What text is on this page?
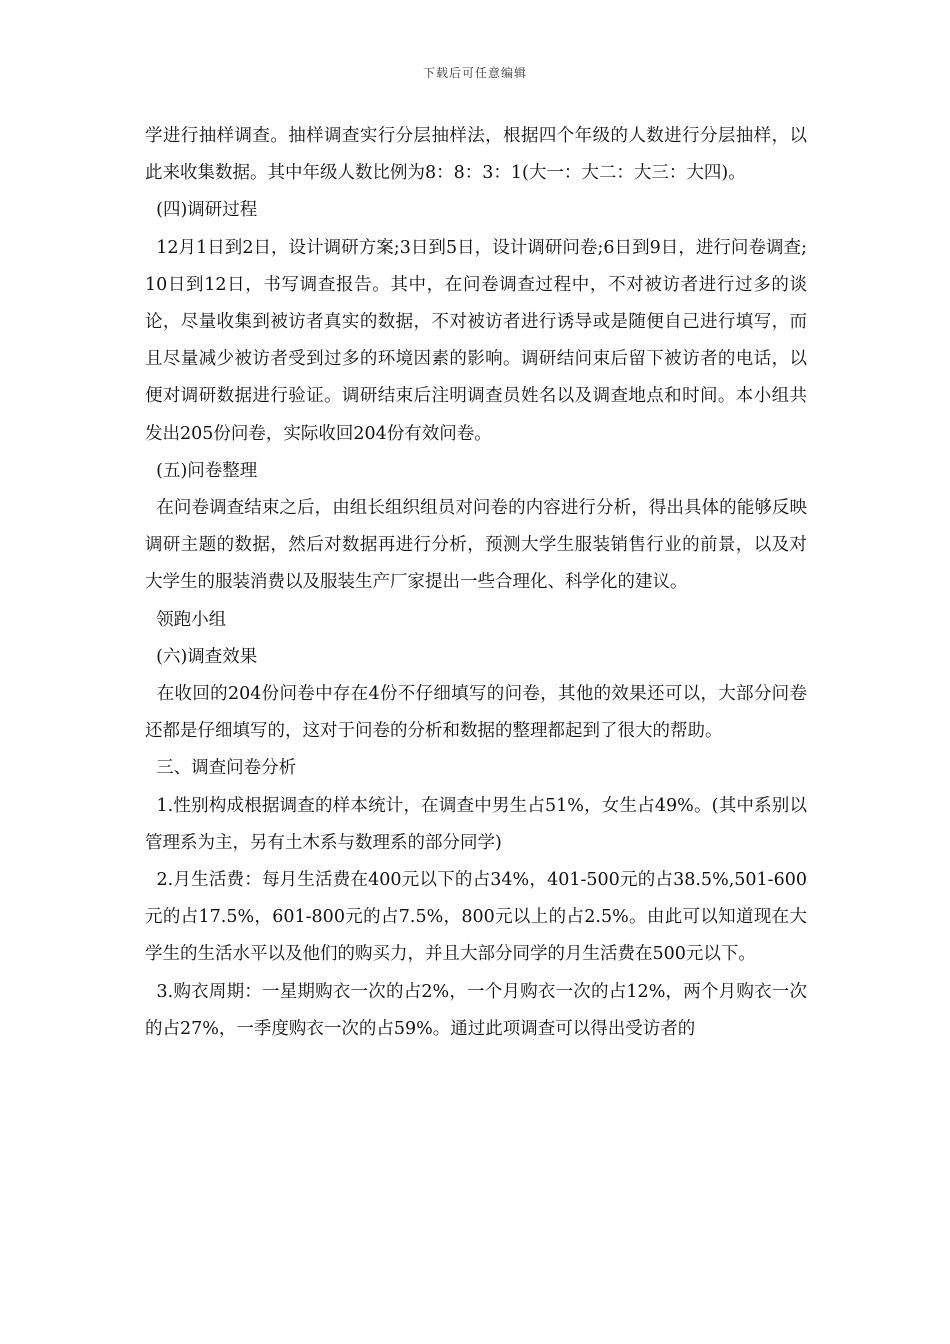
下载后可任意编辑

学进行抽样调查。抽样调查实行分层抽样法，根据四个年级的人数进行分层抽样，以此来收集数据。其中年级人数比例为8：8：3：1(大一：大二：大三：大四)。

(四)调研过程

12月1日到2日，设计调研方案;3日到5日，设计调研问卷;6日到9日，进行问卷调查;10日到12日，书写调查报告。其中，在问卷调查过程中，不对被访者进行过多的谈论，尽量收集到被访者真实的数据，不对被访者进行诱导或是随便自己进行填写，而且尽量减少被访者受到过多的环境因素的影响。调研结问束后留下被访者的电话，以便对调研数据进行验证。调研结束后注明调查员姓名以及调查地点和时间。本小组共发出205份问卷，实际收回204份有效问卷。

(五)问卷整理

在问卷调查结束之后，由组长组织组员对问卷的内容进行分析，得出具体的能够反映调研主题的数据，然后对数据再进行分析，预测大学生服装销售行业的前景，以及对大学生的服装消费以及服装生产厂家提出一些合理化、科学化的建议。

领跑小组

(六)调查效果

在收回的204份问卷中存在4份不仔细填写的问卷，其他的效果还可以，大部分问卷还都是仔细填写的，这对于问卷的分析和数据的整理都起到了很大的帮助。

三、调查问卷分析

1.性别构成根据调查的样本统计，在调查中男生占51%，女生占49%。(其中系别以管理系为主，另有土木系与数理系的部分同学)

2.月生活费：每月生活费在400元以下的占34%，401-500元的占38.5%,501-600元的占17.5%，601-800元的占7.5%，800元以上的占2.5%。由此可以知道现在大学生的生活水平以及他们的购买力，并且大部分同学的月生活费在500元以下。

3.购衣周期：一星期购衣一次的占2%，一个月购衣一次的占12%，两个月购衣一次的占27%，一季度购衣一次的占59%。通过此项调查可以得出受访者的
